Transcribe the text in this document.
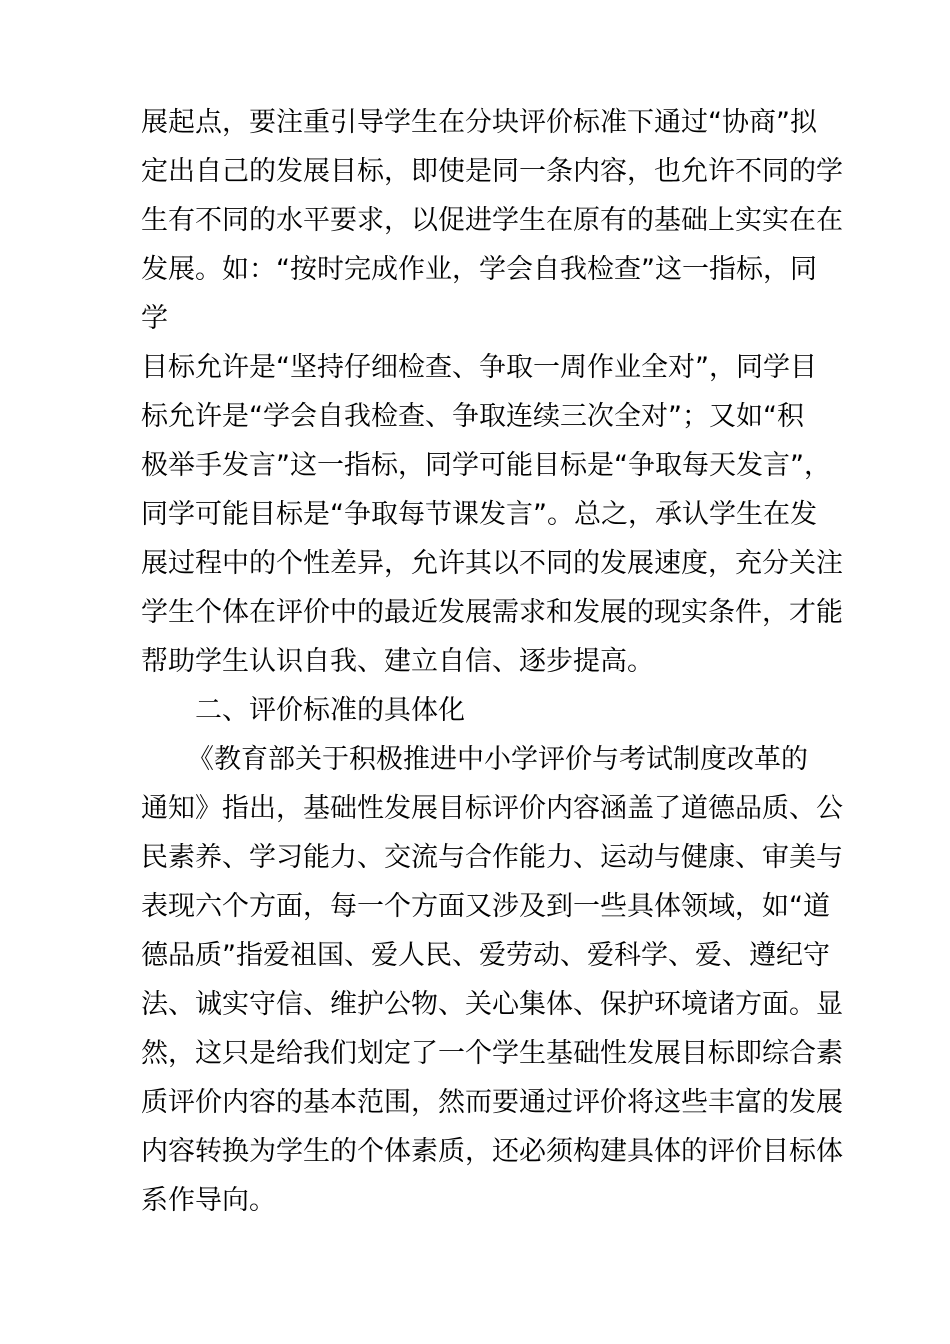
展起点，要注重引导学生在分块评价标准下通过“协商”拟
定出自己的发展目标，即使是同一条内容，也允许不同的学
生有不同的水平要求，以促进学生在原有的基础上实实在在
发展。如：“按时完成作业，学会自我检查”这一指标，同
学
目标允许是“坚持仔细检查、争取一周作业全对”，同学目
标允许是“学会自我检查、争取连续三次全对”；又如“积
极举手发言”这一指标，同学可能目标是“争取每天发言”，
同学可能目标是“争取每节课发言”。总之，承认学生在发
展过程中的个性差异，允许其以不同的发展速度，充分关注
学生个体在评价中的最近发展需求和发展的现实条件，才能
帮助学生认识自我、建立自信、逐步提高。
二、评价标准的具体化
《教育部关于积极推进中小学评价与考试制度改革的
通知》指出，基础性发展目标评价内容涵盖了道德品质、公
民素养、学习能力、交流与合作能力、运动与健康、审美与
表现六个方面，每一个方面又涉及到一些具体领域，如“道
德品质”指爱祖国、爱人民、爱劳动、爱科学、爱、遵纪守
法、诚实守信、维护公物、关心集体、保护环境诸方面。显
然，这只是给我们划定了一个学生基础性发展目标即综合素
质评价内容的基本范围，然而要通过评价将这些丰富的发展
内容转换为学生的个体素质，还必须构建具体的评价目标体
系作导向。
